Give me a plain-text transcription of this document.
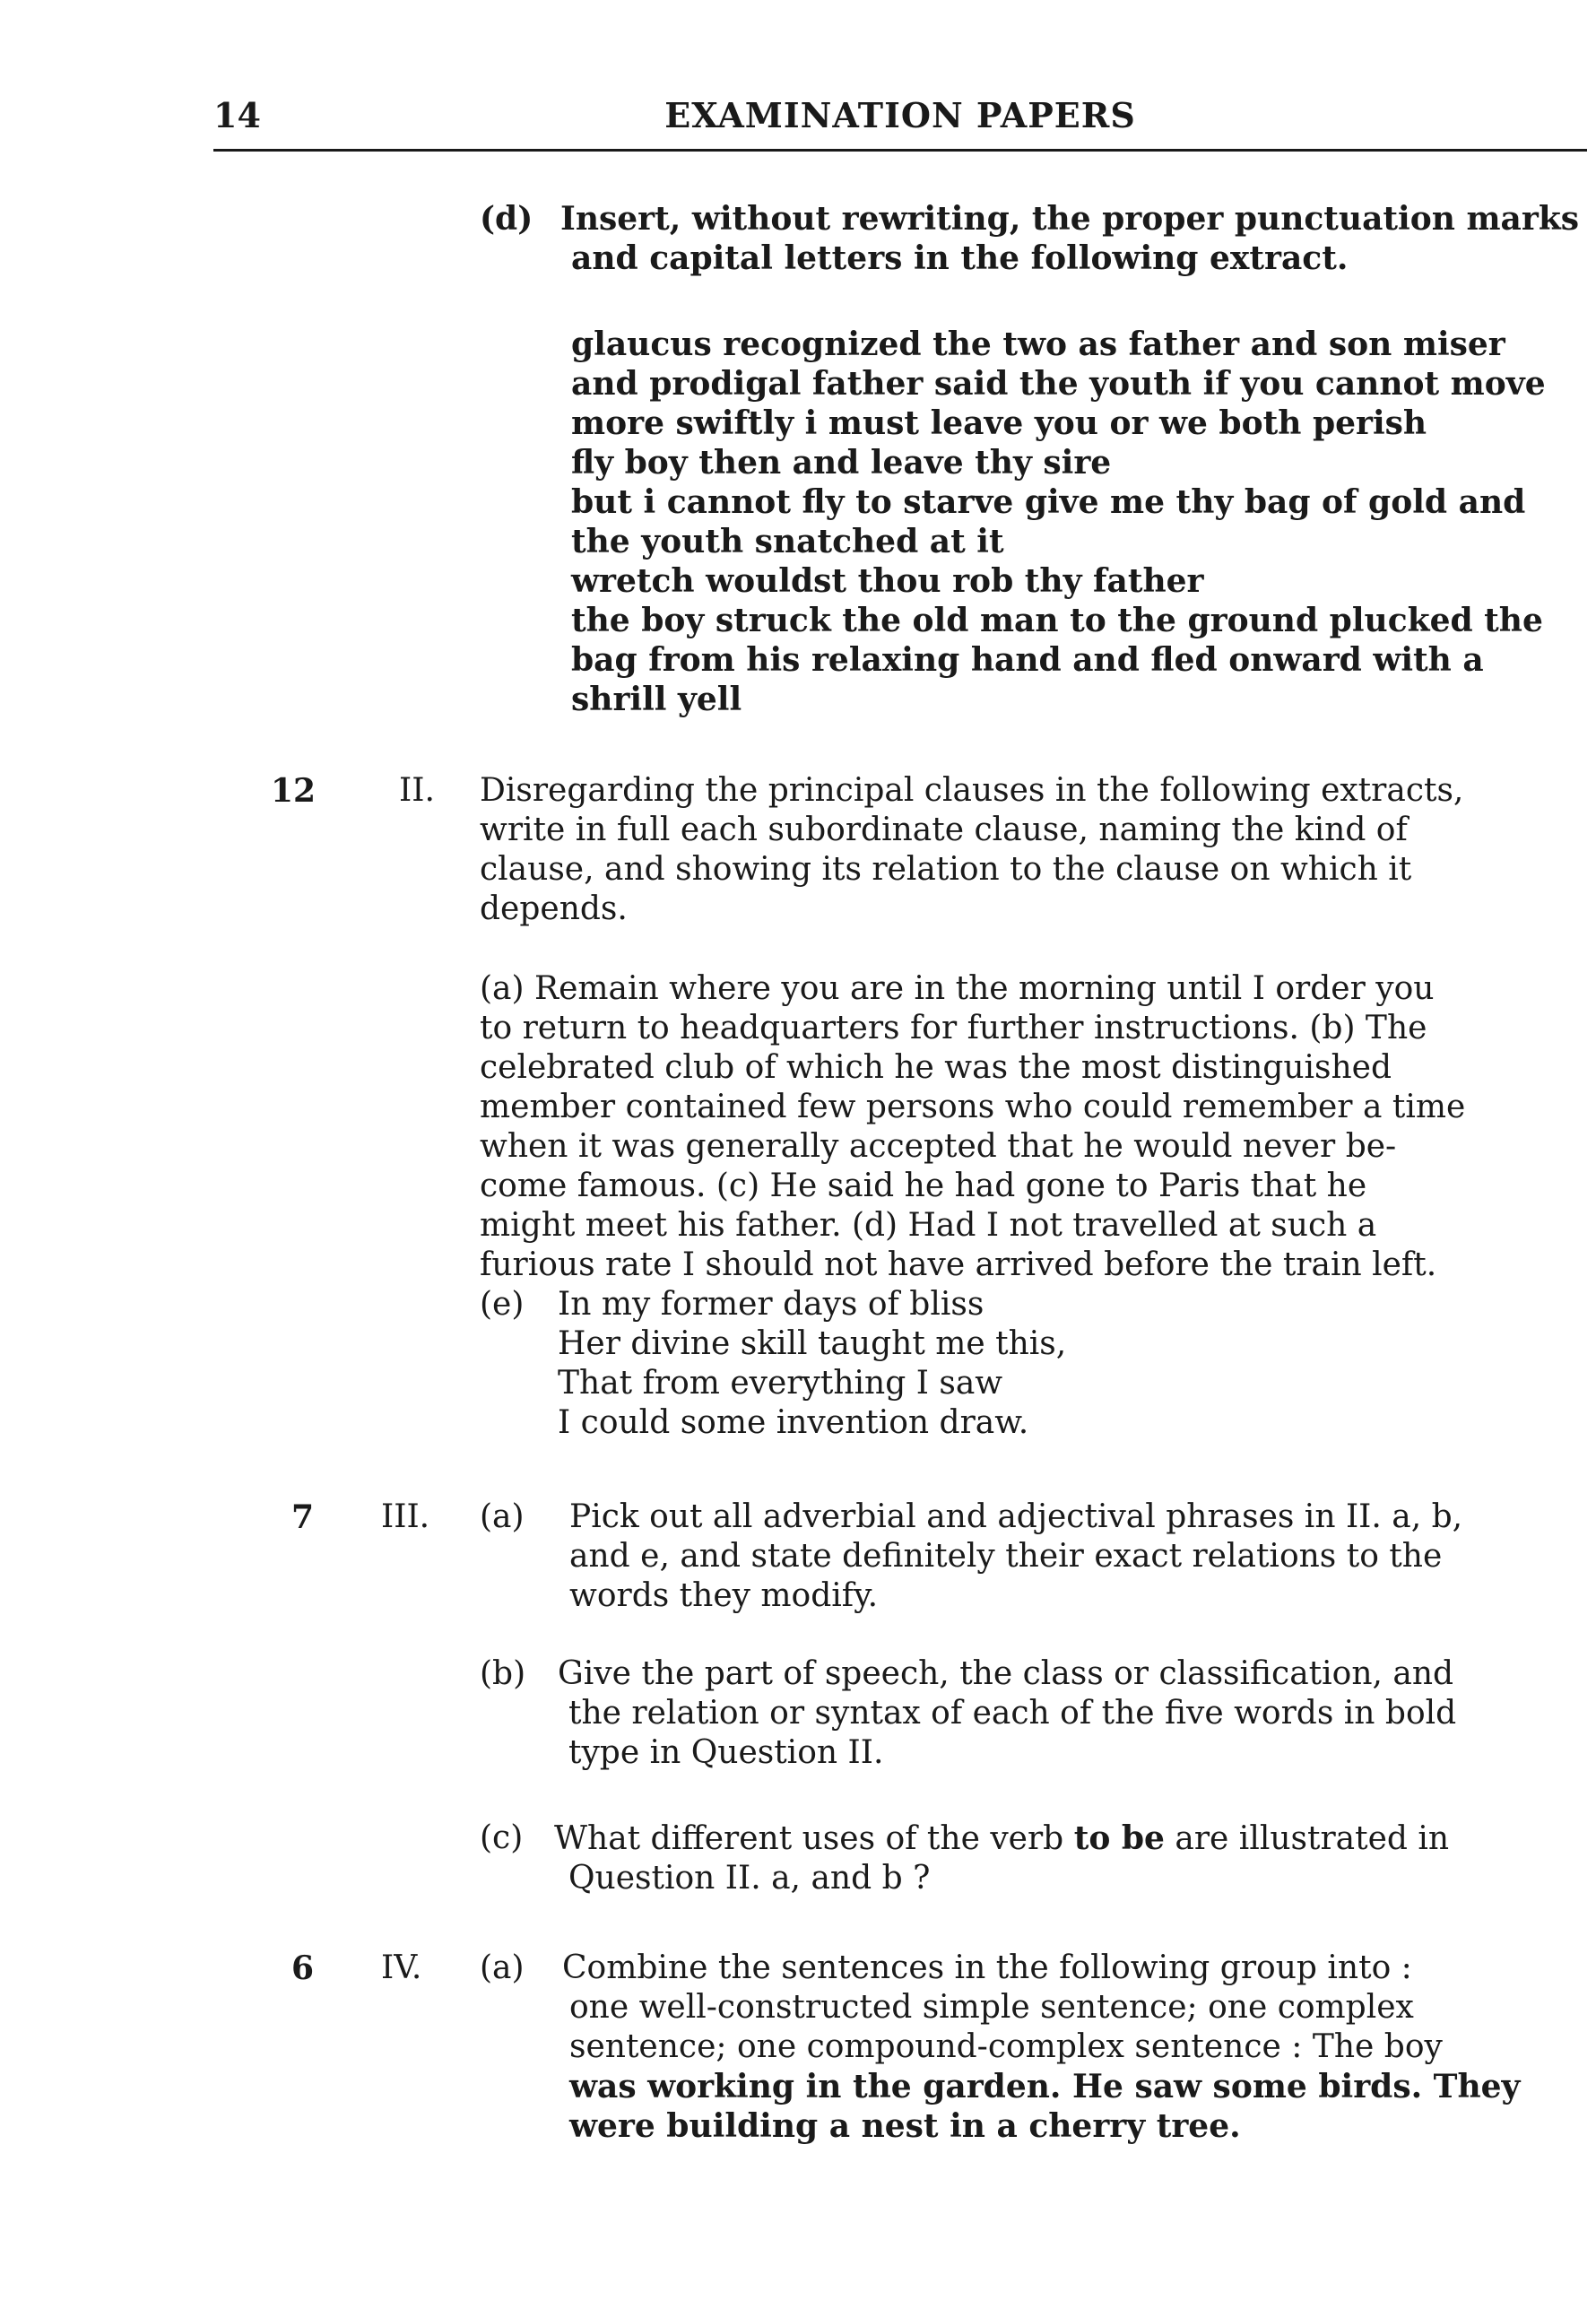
14	EXAMINATION PAPERS
(d) Insert, without rewriting, the proper punctuation marks
and capital letters in the following extract.
glaucus recognized the two as father and son miser
and prodigal father said the youth if you cannot move
more swiftly i must leave you or we both perish
fly boy then and leave thy sire
but i cannot fly to starve give me thy bag of gold and
the youth snatched at it
wretch wouldst thou rob thy father
the boy struck the old man to the ground plucked the
bag from his relaxing hand and fled onward with a
shrill yell
12	II. Disregarding the principal clauses in the following extracts,
write in full each subordinate clause, naming the kind of
clause, and showing its relation to the clause on which it
depends.
(a) Remain where you are in the morning until I order you
to return to headquarters for further instructions. (b) The
celebrated club of which he was the most distinguished
member contained few persons who could remember a time
when it was generally accepted that he would never be-
come famous. (c) He said he had gone to Paris that he
might meet his father. (d) Had I not travelled at such a
furious rate I should not have arrived before the train left.
(e) In my former days of bliss
Her divine skill taught me this,
That from everything I saw
I could some invention draw.
7 III. (a) Pick out all adverbial and adjectival phrases in II. a, b,
and e, and state definitely their exact relations to the
words they modify.
(b) Give the part of speech, the class or classification, and
the relation or syntax of each of the five words in bold
type in Question II.
(c) What different uses of the verb to be are illustrated in
Question II. a, and b ?
6 IV. (a) Combine the sentences in the following group into :
one well-constructed simple sentence; one complex
sentence; one compound-complex sentence : The boy
was working in the garden. He saw some birds. They
were building a nest in a cherry tree.
